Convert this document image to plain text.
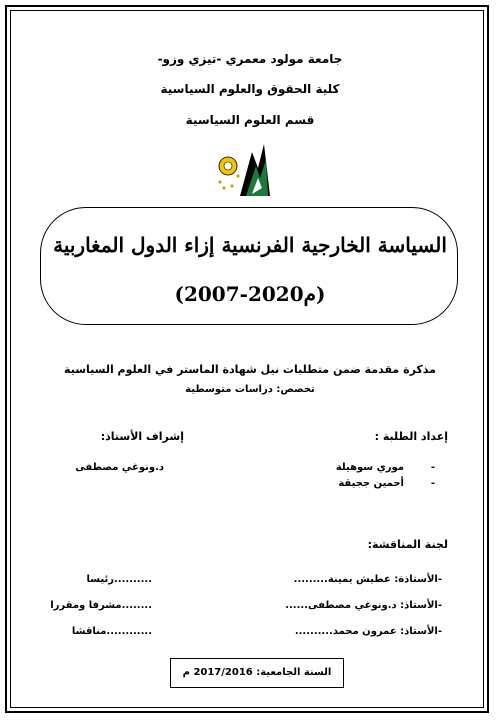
جامعة مولود معمري -تيزي وزو-
كلية الحقوق والعلوم السياسية
قسم العلوم السياسية
السياسة الخارجية الفرنسية إزاء الدول المغاربية
(2007-2020م)
مذكرة مقدمة ضمن متطلبات نيل شهادة الماستر في العلوم السياسية
تخصص: دراسات متوسطية
إعداد الطلبة :
موري سوهيلة	-
أحمين ججيقة	-
إشراف الأستاذ:
د.ونوغي مصطفى
لجنة المناقشة:
-الأستاذة: عطيش يمينة.........
..........رئيسا
-الأستاذ: د.ونوغي مصطفى......
........مشرفا ومقررا
-الأستاذ: عمرون محمد..........
............مناقشا
السنة الجامعية: 2017/2016 م
